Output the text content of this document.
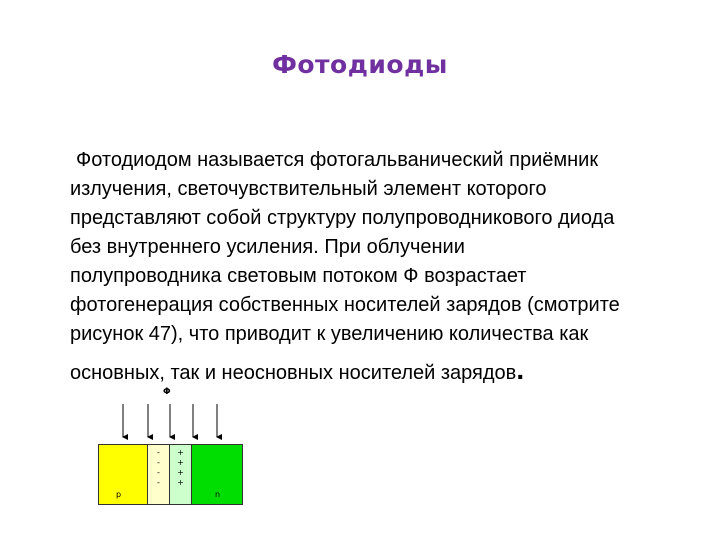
Фотодиоды
Фотодиодом называется фотогальванический приёмник
излучения, светочувствительный элемент которого
представляют собой структуру полупроводникового диода
без внутреннего усиления. При облучении
полупроводника световым потоком Ф возрастает
фотогенерация собственных носителей зарядов (смотрите
рисунок 47), что приводит к увеличению количества как
основных, так и неосновных носителей зарядов.
Φ
-
-
-
-
+
+
+
+
p	n
